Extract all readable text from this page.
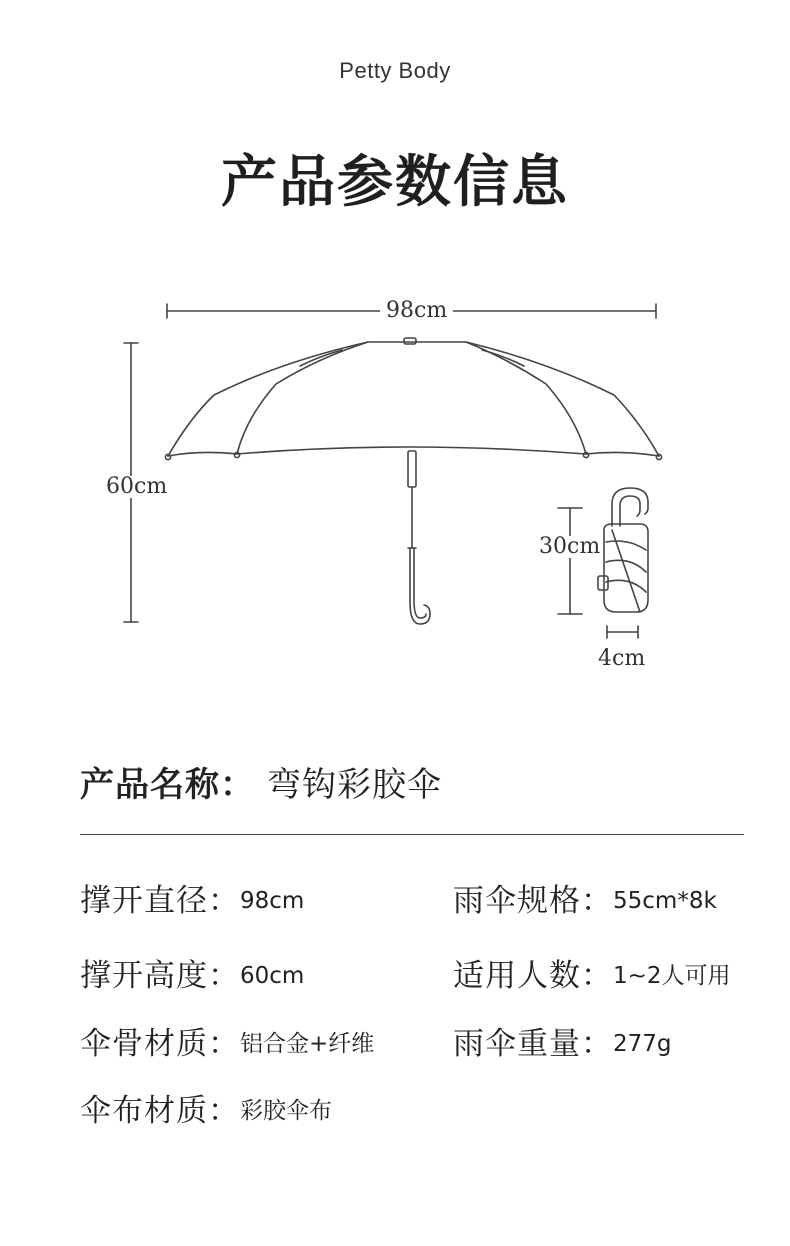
Petty Body
产品参数信息
98cm
60cm
30cm
4cm
产品名称： 弯钩彩胶伞
撑开直径：98cm	雨伞规格：55cm*8k
撑开高度：60cm	适用人数：1~2人可用
伞骨材质：铝合金+纤维	雨伞重量：277g
伞布材质：彩胶伞布
